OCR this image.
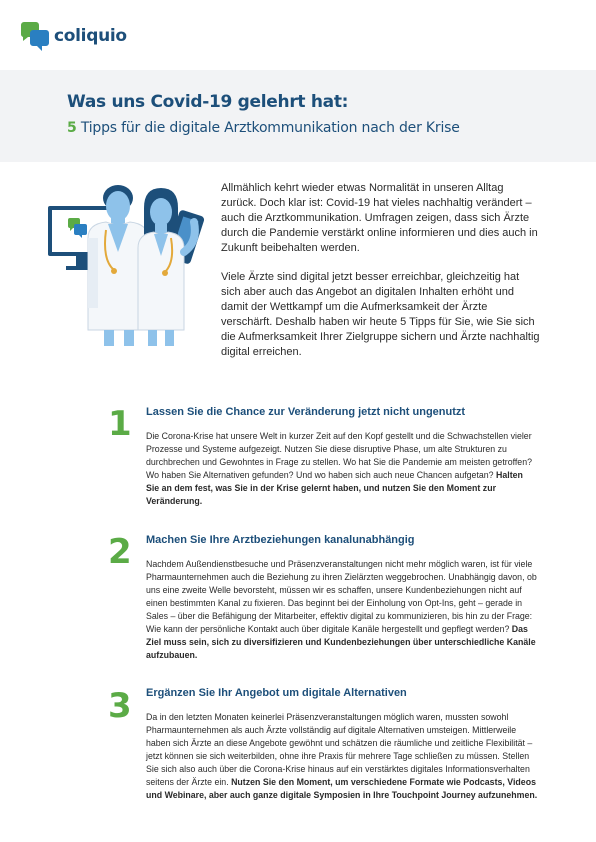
coliquio
Was uns Covid-19 gelehrt hat:
5 Tipps für die digitale Arztkommunikation nach der Krise

Allmählich kehrt wieder etwas Normalität in unseren Alltag zurück. Doch klar ist: Covid-19 hat vieles nachhaltig verändert – auch die Arztkommunikation. Umfragen zeigen, dass sich Ärzte durch die Pandemie verstärkt online informieren und dies auch in Zukunft beibehalten werden.

Viele Ärzte sind digital jetzt besser erreichbar, gleichzeitig hat sich aber auch das Angebot an digitalen Inhalten erhöht und damit der Wettkampf um die Aufmerksamkeit der Ärzte verschärft. Deshalb haben wir heute 5 Tipps für Sie, wie Sie sich die Aufmerksamkeit Ihrer Zielgruppe sichern und Ärzte nachhaltig digital erreichen.

1 Lassen Sie die Chance zur Veränderung jetzt nicht ungenutzt
Die Corona-Krise hat unsere Welt in kurzer Zeit auf den Kopf gestellt und die Schwachstellen vieler Prozesse und Systeme aufgezeigt. Nutzen Sie diese disruptive Phase, um alte Strukturen zu durchbrechen und Gewohntes in Frage zu stellen. Wo hat Sie die Pandemie am meisten getroffen? Wo haben Sie Alternativen gefunden? Und wo haben sich auch neue Chancen aufgetan? Halten Sie an dem fest, was Sie in der Krise gelernt haben, und nutzen Sie den Moment zur Veränderung.
2 Machen Sie Ihre Arztbeziehungen kanalunabhängig
Nachdem Außendienstbesuche und Präsenzveranstaltungen nicht mehr möglich waren, ist für viele Pharmaunternehmen auch die Beziehung zu ihren Zielärzten weggebrochen. Unabhängig davon, ob uns eine zweite Welle bevorsteht, müssen wir es schaffen, unsere Kundenbeziehungen nicht auf einen bestimmten Kanal zu fixieren. Das beginnt bei der Einholung von Opt-Ins, geht – gerade in Sales – über die Befähigung der Mitarbeiter, effektiv digital zu kommunizieren, bis hin zu der Frage: Wie kann der persönliche Kontakt auch über digitale Kanäle hergestellt und gepflegt werden? Das Ziel muss sein, sich zu diversifizieren und Kundenbeziehungen über unterschiedliche Kanäle aufzubauen.
3 Ergänzen Sie Ihr Angebot um digitale Alternativen
Da in den letzten Monaten keinerlei Präsenzveranstaltungen möglich waren, mussten sowohl Pharmaunternehmen als auch Ärzte vollständig auf digitale Alternativen umsteigen. Mittlerweile haben sich Ärzte an diese Angebote gewöhnt und schätzen die räumliche und zeitliche Flexibilität – jetzt können sie sich weiterbilden, ohne ihre Praxis für mehrere Tage schließen zu müssen. Stellen Sie sich also auch über die Corona-Krise hinaus auf ein verstärktes digitales Informationsverhalten seitens der Ärzte ein. Nutzen Sie den Moment, um verschiedene Formate wie Podcasts, Videos und Webinare, aber auch ganze digitale Symposien in Ihre Touchpoint Journey aufzunehmen.
